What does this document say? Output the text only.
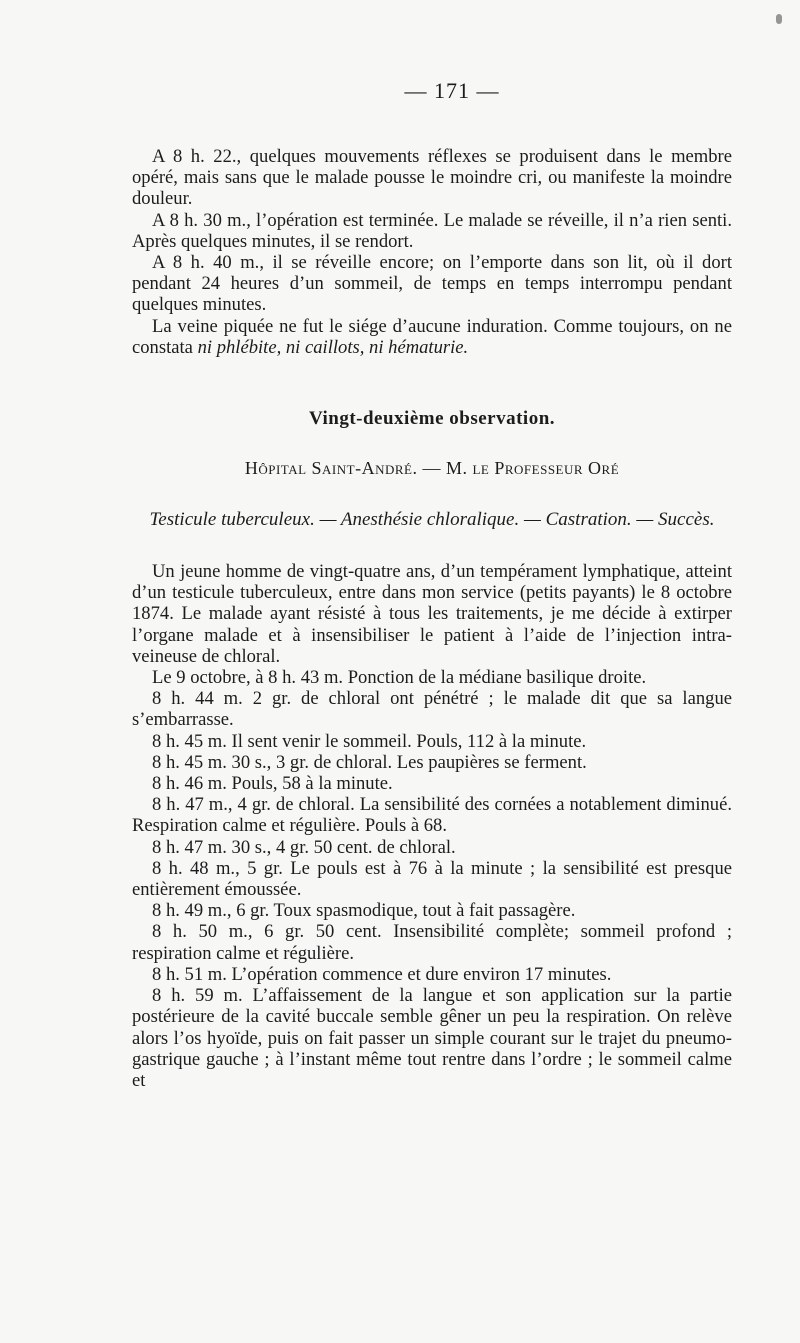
— 171 —

A 8 h. 22., quelques mouvements réflexes se produisent dans le membre opéré, mais sans que le malade pousse le moindre cri, ou manifeste la moindre douleur.

A 8 h. 30 m., l’opération est terminée. Le malade se réveille, il n’a rien senti. Après quelques minutes, il se rendort.

A 8 h. 40 m., il se réveille encore; on l’emporte dans son lit, où il dort pendant 24 heures d’un sommeil, de temps en temps interrompu pendant quelques minutes.

La veine piquée ne fut le siége d’aucune induration. Comme toujours, on ne constata ni phlébite, ni caillots, ni hématurie.

Vingt-deuxième observation.
Hôpital Saint-André. — M. le Professeur Oré
Testicule tuberculeux. — Anesthésie chloralique. — Castration. — Succès.

Un jeune homme de vingt-quatre ans, d’un tempérament lymphatique, atteint d’un testicule tuberculeux, entre dans mon service (petits payants) le 8 octobre 1874. Le malade ayant résisté à tous les traitements, je me décide à extirper l’organe malade et à insensibiliser le patient à l’aide de l’injection intra-veineuse de chloral.

Le 9 octobre, à 8 h. 43 m. Ponction de la médiane basilique droite.

8 h. 44 m. 2 gr. de chloral ont pénétré ; le malade dit que sa langue s’embarrasse.

8 h. 45 m. Il sent venir le sommeil. Pouls, 112 à la minute.

8 h. 45 m. 30 s., 3 gr. de chloral. Les paupières se ferment.

8 h. 46 m. Pouls, 58 à la minute.

8 h. 47 m., 4 gr. de chloral. La sensibilité des cornées a notablement diminué. Respiration calme et régulière. Pouls à 68.

8 h. 47 m. 30 s., 4 gr. 50 cent. de chloral.

8 h. 48 m., 5 gr. Le pouls est à 76 à la minute ; la sensibilité est presque entièrement émoussée.

8 h. 49 m., 6 gr. Toux spasmodique, tout à fait passagère.

8 h. 50 m., 6 gr. 50 cent. Insensibilité complète; sommeil profond ; respiration calme et régulière.

8 h. 51 m. L’opération commence et dure environ 17 minutes.

8 h. 59 m. L’affaissement de la langue et son application sur la partie postérieure de la cavité buccale semble gêner un peu la respiration. On relève alors l’os hyoïde, puis on fait passer un simple courant sur le trajet du pneumo-gastrique gauche ; à l’instant même tout rentre dans l’ordre ; le sommeil calme et
